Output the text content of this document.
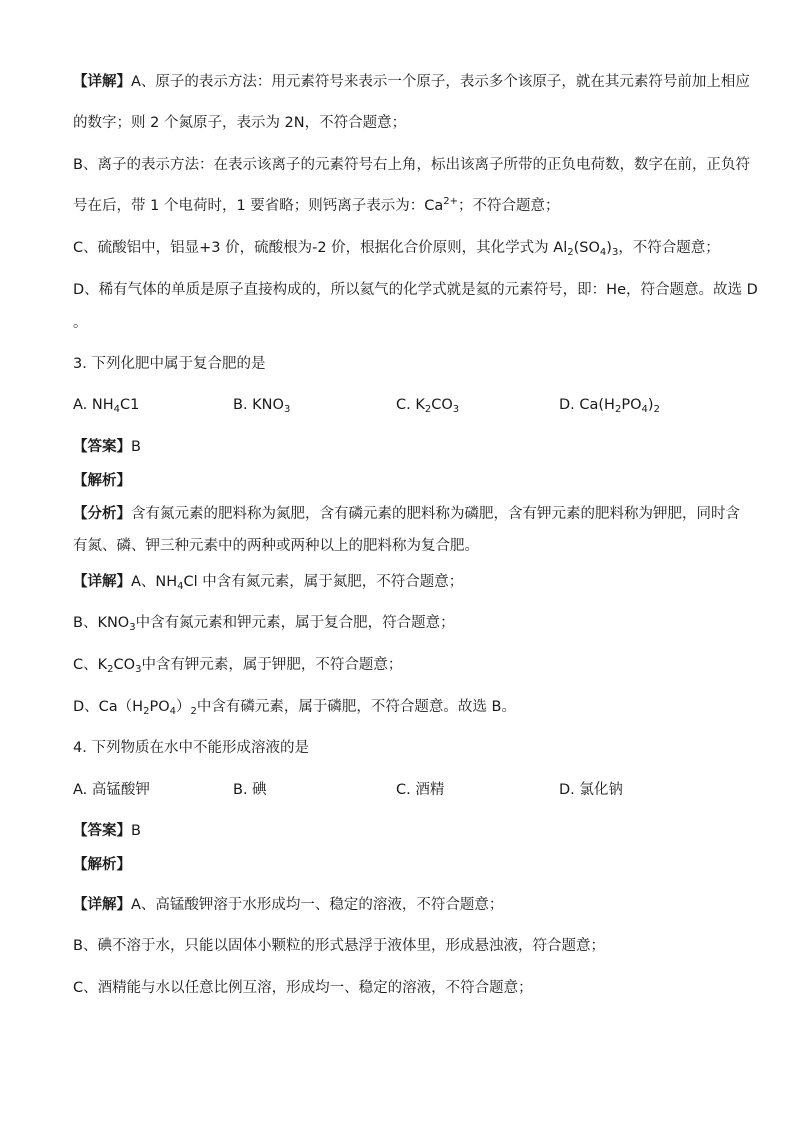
【详解】A、原子的表示方法：用元素符号来表示一个原子，表示多个该原子，就在其元素符号前加上相应
的数字；则 2 个氮原子，表示为 2N，不符合题意；
B、离子的表示方法：在表示该离子的元素符号右上角，标出该离子所带的正负电荷数，数字在前，正负符
号在后，带 1 个电荷时，1 要省略；则钙离子表示为：$Ca^{2+}$；不符合题意；
C、硫酸铝中，铝显+3 价，硫酸根为-2 价，根据化合价原则，其化学式为 $Al_2(SO_4)_3$，不符合题意；
D、稀有气体的单质是原子直接构成的，所以氦气的化学式就是氦的元素符号，即：He，符合题意。故选 D
。
3. 下列化肥中属于复合肥的是
A. $NH_4C1$	B. $KNO_3$	C. $K_2CO_3$	D. $Ca(H_2PO_4)_2$
【答案】B
【解析】
【分析】含有氮元素的肥料称为氮肥，含有磷元素的肥料称为磷肥，含有钾元素的肥料称为钾肥，同时含
有氮、磷、钾三种元素中的两种或两种以上的肥料称为复合肥。
【详解】A、$NH_4Cl$ 中含有氮元素，属于氮肥，不符合题意；
B、$KNO_3$中含有氮元素和钾元素，属于复合肥，符合题意；
C、$K_2CO_3$中含有钾元素，属于钾肥，不符合题意；
D、$Ca(H_2PO_4)_2$中含有磷元素，属于磷肥，不符合题意。故选 B。
4. 下列物质在水中不能形成溶液的是
A. 高锰酸钾	B. 碘	C. 酒精	D. 氯化钠
【答案】B
【解析】
【详解】A、高锰酸钾溶于水形成均一、稳定的溶液，不符合题意；
B、碘不溶于水，只能以固体小颗粒的形式悬浮于液体里，形成悬浊液，符合题意；
C、酒精能与水以任意比例互溶，形成均一、稳定的溶液，不符合题意；
